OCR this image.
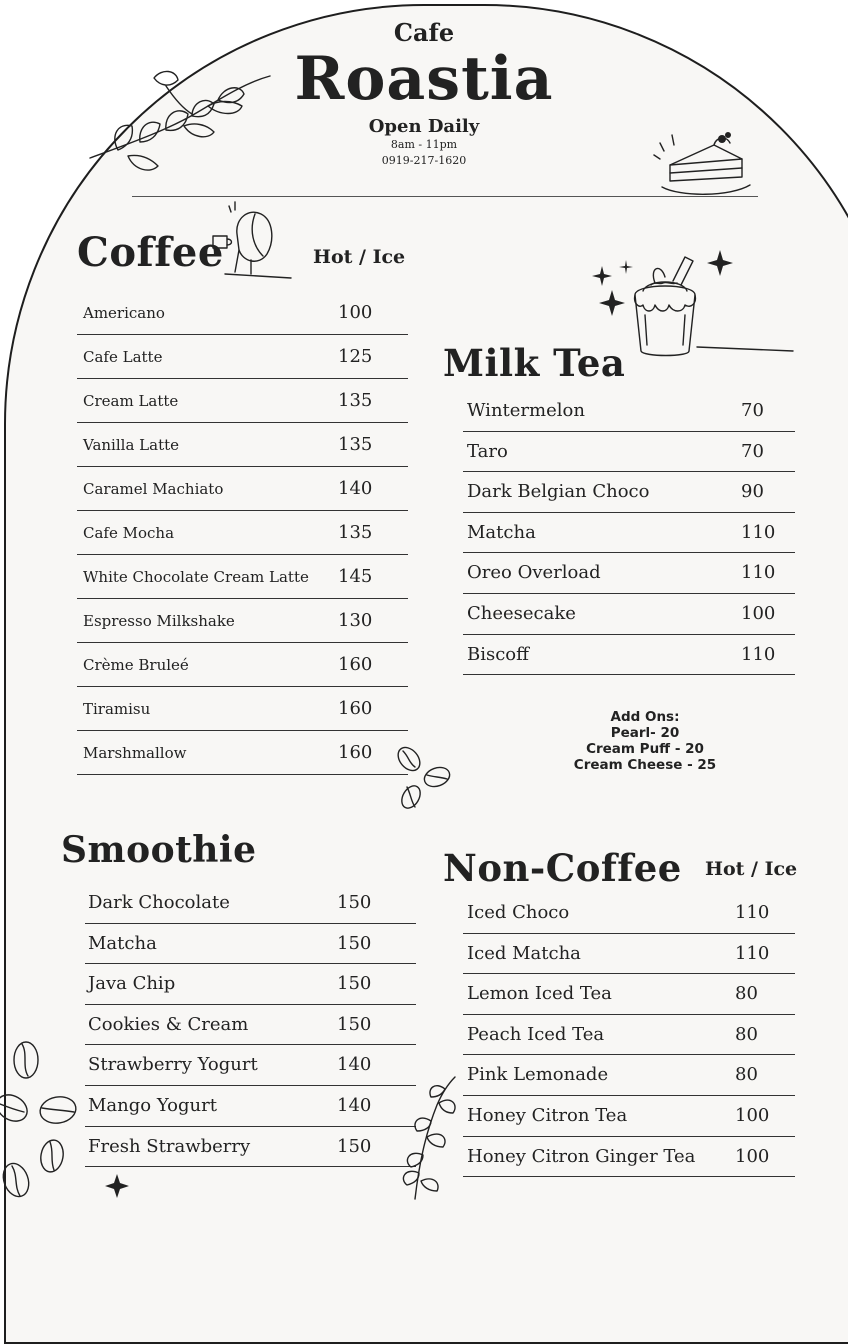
Cafe
Roastia
Open Daily
8am - 11pm
0919-217-1620
Coffee	Hot / Ice
Americano	100
Cafe Latte	125
Cream Latte	135
Vanilla Latte	135
Caramel Machiato	140
Cafe Mocha	135
White Chocolate Cream Latte 145
Espresso Milkshake	130
Crème Bruleé	160
Tiramisu	160
Marshmallow	160
Milk Tea
Wintermelon	70
Taro	70
Dark Belgian Choco	90
Matcha	110
Oreo Overload	110
Cheesecake	100
Biscoff	110
Add Ons:
Pearl- 20
Cream Puff - 20
Cream Cheese - 25
Smoothie
Dark Chocolate	150
Matcha	150
Java Chip	150
Cookies & Cream	150
Strawberry Yogurt	140
Mango Yogurt	140
Fresh Strawberry	150
Non-Coffee Hot / Ice
Iced Choco	110
Iced Matcha	110
Lemon Iced Tea	80
Peach Iced Tea	80
Pink Lemonade	80
Honey Citron Tea	100
Honey Citron Ginger Tea 100
